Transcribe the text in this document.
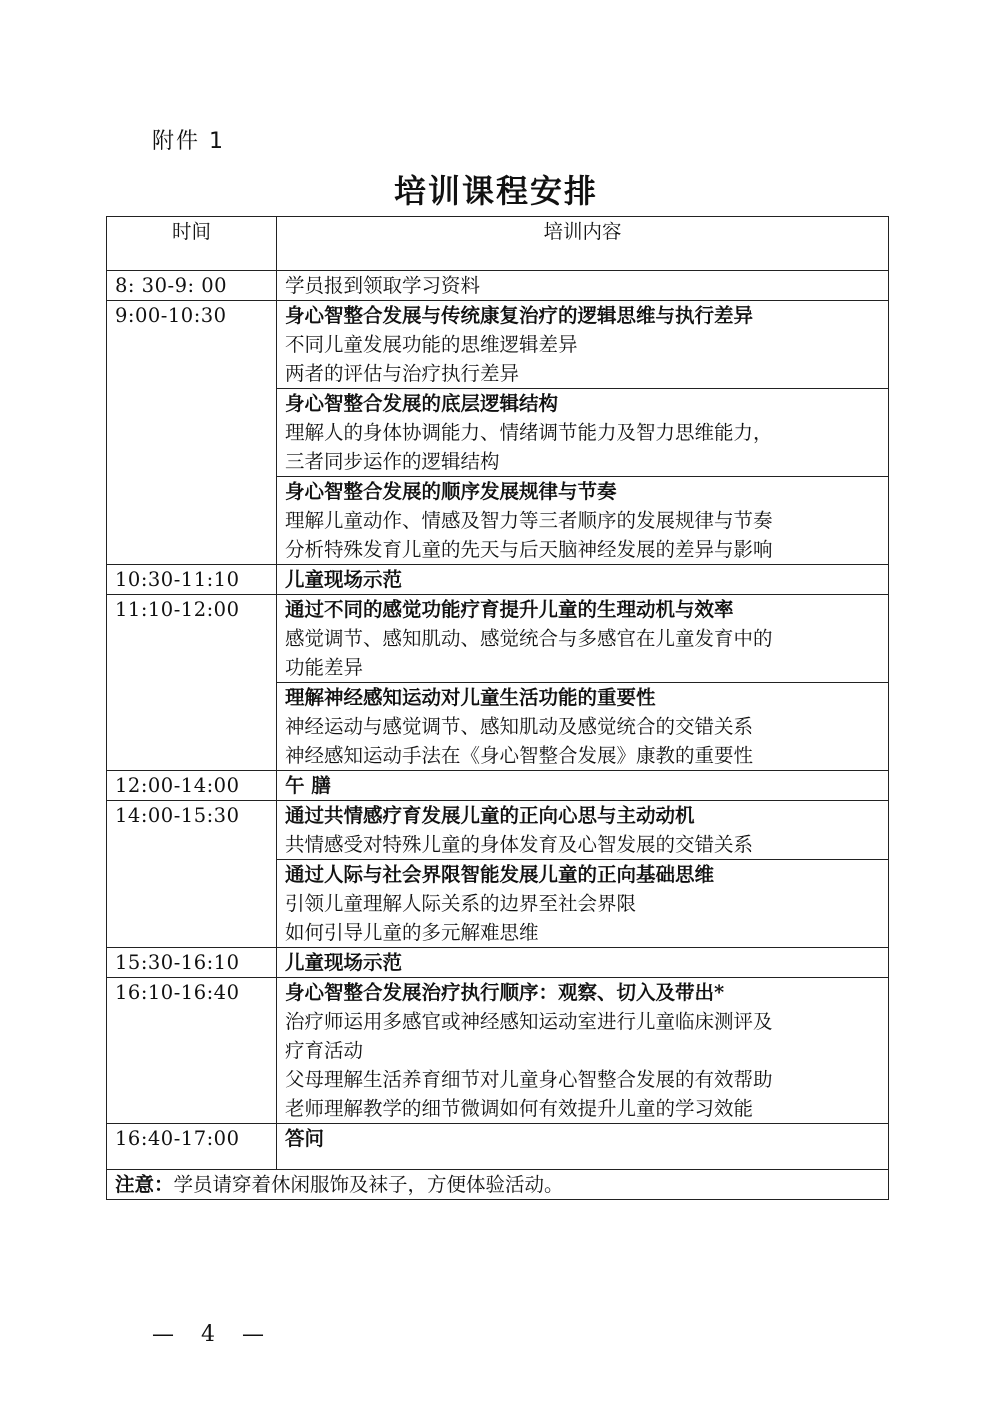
附件 1
培训课程安排
时间	培训内容
8: 30-9: 00	学员报到领取学习资料
9:00-10:30	身心智整合发展与传统康复治疗的逻辑思维与执行差异
不同儿童发展功能的思维逻辑差异
两者的评估与治疗执行差异

	身心智整合发展的底层逻辑结构
理解人的身体协调能力、情绪调节能力及智力思维能力，
三者同步运作的逻辑结构

	身心智整合发展的顺序发展规律与节奏
理解儿童动作、情感及智力等三者顺序的发展规律与节奏
分析特殊发育儿童的先天与后天脑神经发展的差异与影响

10:30-11:10	儿童现场示范

11:10-12:00	通过不同的感觉功能疗育提升儿童的生理动机与效率
感觉调节、感知肌动、感觉统合与多感官在儿童发育中的
功能差异

	理解神经感知运动对儿童生活功能的重要性
神经运动与感觉调节、感知肌动及感觉统合的交错关系
神经感知运动手法在《身心智整合发展》康教的重要性

12:00-14:00	午 膳

14:00-15:30	通过共情感疗育发展儿童的正向心思与主动动机
共情感受对特殊儿童的身体发育及心智发展的交错关系

	通过人际与社会界限智能发展儿童的正向基础思维
引领儿童理解人际关系的边界至社会界限
如何引导儿童的多元解难思维

15:30-16:10	儿童现场示范

16:10-16:40	身心智整合发展治疗执行顺序：观察、切入及带出*
治疗师运用多感官或神经感知运动室进行儿童临床测评及
疗育活动
父母理解生活养育细节对儿童身心智整合发展的有效帮助
老师理解教学的细节微调如何有效提升儿童的学习效能

16:40-17:00	答问

注意：学员请穿着休闲服饰及袜子，方便体验活动。	
— 4 —
